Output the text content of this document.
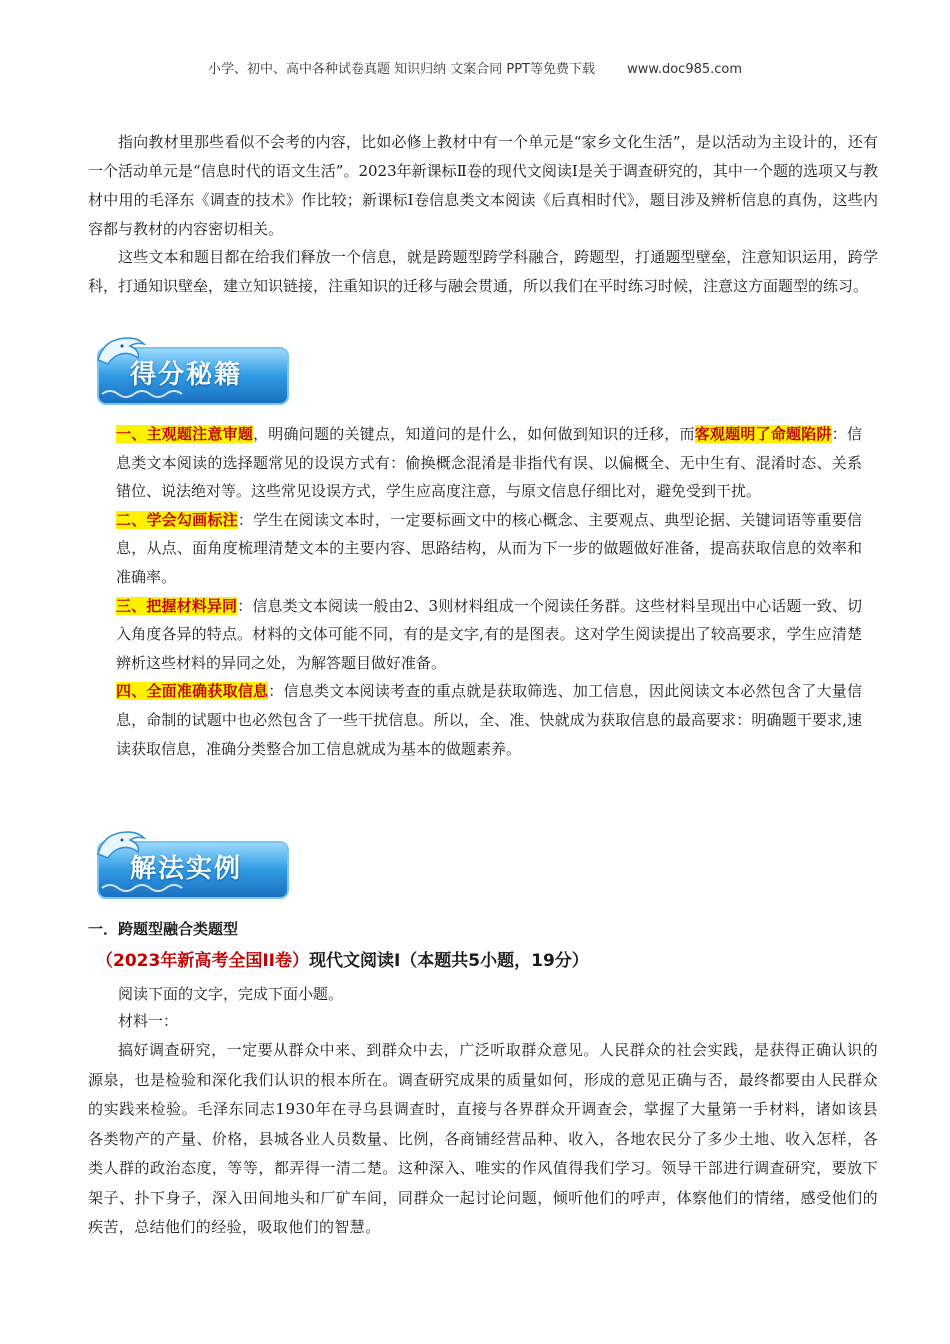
小学、初中、高中各种试卷真题 知识归纳 文案合同 PPT等免费下载 www.doc985.com

指向教材里那些看似不会考的内容，比如必修上教材中有一个单元是“家乡文化生活”，是以活动为主设计的，还有一个活动单元是“信息时代的语文生活”。2023年新课标Ⅱ卷的现代文阅读Ⅰ是关于调查研究的，其中一个题的选项又与教材中用的毛泽东《调查的技术》作比较；新课标Ⅰ卷信息类文本阅读《后真相时代》，题目涉及辨析信息的真伪，这些内容都与教材的内容密切相关。

这些文本和题目都在给我们释放一个信息，就是跨题型跨学科融合，跨题型，打通题型壁垒，注意知识运用，跨学科，打通知识壁垒，建立知识链接，注重知识的迁移与融会贯通，所以我们在平时练习时候，注意这方面题型的练习。

得分秘籍

一、主观题注意审题，明确问题的关键点，知道问的是什么，如何做到知识的迁移，而客观题明了命题陷阱：信息类文本阅读的选择题常见的设误方式有：偷换概念混淆是非指代有误、以偏概全、无中生有、混淆时态、关系错位、说法绝对等。这些常见设误方式，学生应高度注意，与原文信息仔细比对，避免受到干扰。

二、学会勾画标注：学生在阅读文本时，一定要标画文中的核心概念、主要观点、典型论据、关键词语等重要信息，从点、面角度梳理清楚文本的主要内容、思路结构，从而为下一步的做题做好准备，提高获取信息的效率和准确率。

三、把握材料异同：信息类文本阅读一般由2、3则材料组成一个阅读任务群。这些材料呈现出中心话题一致、切入角度各异的特点。材料的文体可能不同，有的是文字,有的是图表。这对学生阅读提出了较高要求，学生应清楚辨析这些材料的异同之处，为解答题目做好准备。

四、全面准确获取信息：信息类文本阅读考查的重点就是获取筛选、加工信息，因此阅读文本必然包含了大量信息，命制的试题中也必然包含了一些干扰信息。所以，全、准、快就成为获取信息的最高要求：明确题干要求,速读获取信息，准确分类整合加工信息就成为基本的做题素养。

解法实例
一．跨题型融合类题型
（2023年新高考全国II卷）现代文阅读Ⅰ（本题共5小题，19分）

阅读下面的文字，完成下面小题。

材料一：

搞好调查研究，一定要从群众中来、到群众中去，广泛听取群众意见。人民群众的社会实践，是获得正确认识的源泉，也是检验和深化我们认识的根本所在。调查研究成果的质量如何，形成的意见正确与否，最终都要由人民群众的实践来检验。毛泽东同志1930年在寻乌县调查时，直接与各界群众开调查会，掌握了大量第一手材料，诸如该县各类物产的产量、价格，县城各业人员数量、比例，各商铺经营品种、收入，各地农民分了多少土地、收入怎样，各类人群的政治态度，等等，都弄得一清二楚。这种深入、唯实的作风值得我们学习。领导干部进行调查研究，要放下架子、扑下身子，深入田间地头和厂矿车间，同群众一起讨论问题，倾听他们的呼声，体察他们的情绪，感受他们的疾苦，总结他们的经验，吸取他们的智慧。
